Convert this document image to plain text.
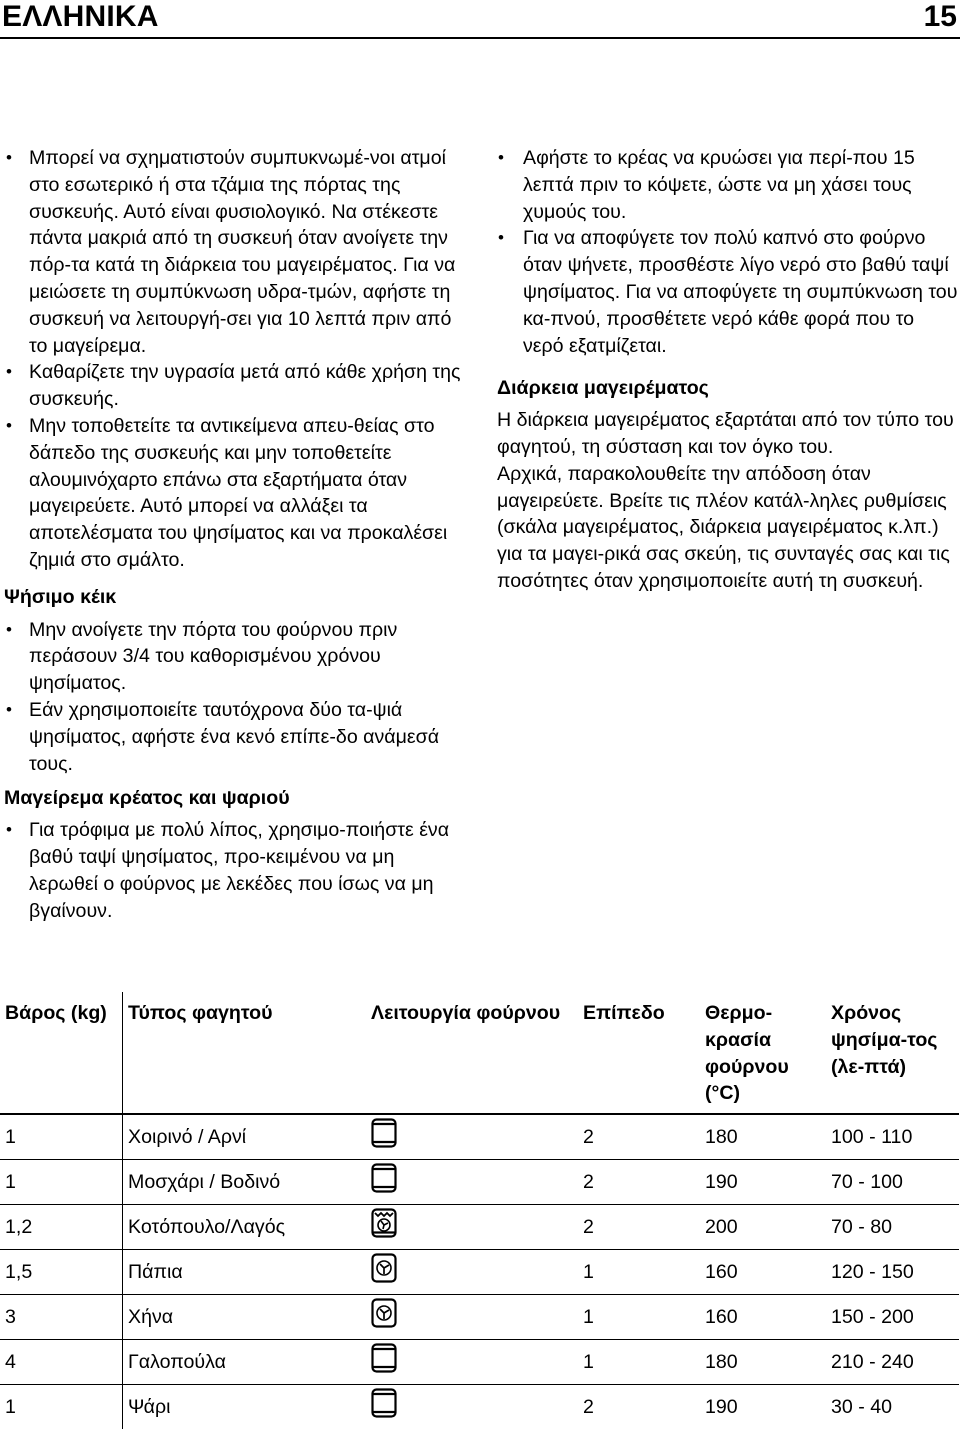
ΕΛΛΗΝΙΚΑ	15
• Μπορεί να σχηματιστούν συμπυκνωμέ-νοι ατμοί στο εσωτερικό ή στα τζάμια της πόρτας της συσκευής. Αυτό είναι φυσιολογικό. Να στέκεστε πάντα μακριά από τη συσκευή όταν ανοίγετε την πόρ-τα κατά τη διάρκεια του μαγειρέματος. Για να μειώσετε τη συμπύκνωση υδρα-τμών, αφήστε τη συσκευή να λειτουργή-σει για 10 λεπτά πριν από το μαγείρεμα.
• Καθαρίζετε την υγρασία μετά από κάθε χρήση της συσκευής.
• Μην τοποθετείτε τα αντικείμενα απευ-θείας στο δάπεδο της συσκευής και μην τοποθετείτε αλουμινόχαρτο επάνω στα εξαρτήματα όταν μαγειρεύετε. Αυτό μπορεί να αλλάξει τα αποτελέσματα του ψησίματος και να προκαλέσει ζημιά στο σμάλτο.
Ψήσιμο κέικ
• Μην ανοίγετε την πόρτα του φούρνου πριν περάσουν 3/4 του καθορισμένου χρόνου ψησίματος.
• Εάν χρησιμοποιείτε ταυτόχρονα δύο τα-ψιά ψησίματος, αφήστε ένα κενό επίπε-δο ανάμεσά τους.
Μαγείρεμα κρέατος και ψαριού
• Για τρόφιμα με πολύ λίπος, χρησιμο-ποιήστε ένα βαθύ ταψί ψησίματος, προ-κειμένου να μη λερωθεί ο φούρνος με λεκέδες που ίσως να μη βγαίνουν.
• Αφήστε το κρέας να κρυώσει για περί-που 15 λεπτά πριν το κόψετε, ώστε να μη χάσει τους χυμούς του.
• Για να αποφύγετε τον πολύ καπνό στο φούρνο όταν ψήνετε, προσθέστε λίγο νερό στο βαθύ ταψί ψησίματος. Για να αποφύγετε τη συμπύκνωση του κα-πνού, προσθέτετε νερό κάθε φορά που το νερό εξατμίζεται.
Διάρκεια μαγειρέματος

Η διάρκεια μαγειρέματος εξαρτάται από τον τύπο του φαγητού, τη σύσταση και τον όγκο του.

Αρχικά, παρακολουθείτε την απόδοση όταν μαγειρεύετε. Βρείτε τις πλέον κατάλ-ληλες ρυθμίσεις (σκάλα μαγειρέματος, διάρκεια μαγειρέματος κ.λπ.) για τα μαγει-ρικά σας σκεύη, τις συνταγές σας και τις ποσότητες όταν χρησιμοποιείτε αυτή τη συσκευή.

Βάρος (kg)	Τύπος φαγητού	Λειτουργία φούρνου	Επίπεδο	Θερμο-κρασία φούρνου (°C)	Χρόνος ψησίμα-τος (λε-πτά)
1	Χοιρινό / Αρνί		2	180	100 - 110
1	Μοσχάρι / Βοδινό		2	190	70 - 100
1,2	Κοτόπουλο/Λαγός		2	200	70 - 80
1,5	Πάπια		1	160	120 - 150
3	Χήνα		1	160	150 - 200
4	Γαλοπούλα		1	180	210 - 240
1	Ψάρι		2	190	30 - 40
